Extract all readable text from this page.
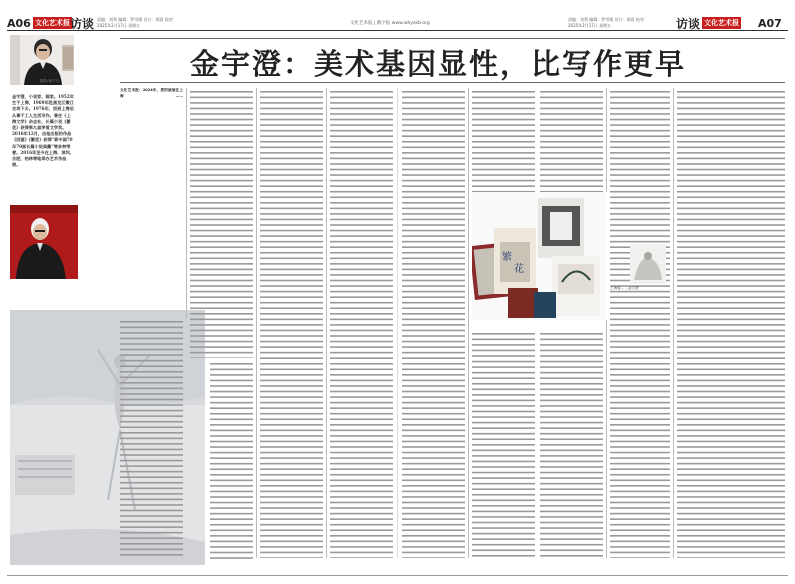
A06 文化艺术报 访谈 责编：刘利 编辑：罗雪晴 设计：郑爱 校对：
2025年2月17日 星期五	文化艺术报 | 数字报 www.whyskb.org
责编：刘利 编辑：罗雪晴 设计：郑爱 校对：
2025年2月17日 星期五	访谈 文化艺术报 A07
金宇澄：美术基因显性，比写作更早
摄影/杨不凡
金宇澄，小说家、画家。1952年生于上海，1969年赴黑龙江嫩江农场下乡。1976年，回到上海后从事于工人生活写作。曾任《上海文学》杂志社、长篇小说《繁花》获得第九届茅盾文学奖。2016年12月，由他出版的作品《回望》《繁花》获得“新中国70年70部长篇小说典藏”等多种荣誉。2016年至今在上海、深圳、合肥、柏林等地举办艺术作品展。
文化艺术报：2024年，您的画展在上海……
繁
花
上海卷……金宇澄
